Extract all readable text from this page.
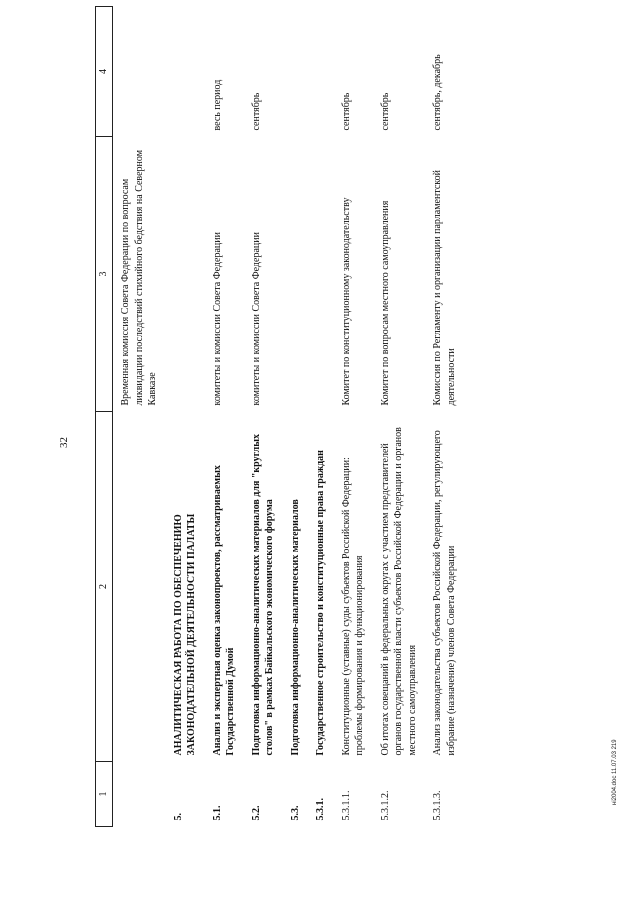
32
ні2004.doc 11.07.03 219
1	2	3	4
		Временная комиссия Совета Федерации по вопросам ликвидации последствий стихийного бедствия на Северном Кавказе	
5.	АНАЛИТИЧЕСКАЯ РАБОТА ПО ОБЕСПЕЧЕНИЮ ЗАКОНОДАТЕЛЬНОЙ ДЕЯТЕЛЬНОСТИ ПАЛАТЫ		
5.1.	Анализ и экспертная оценка законопроектов, рассматриваемых Государственной Думой	комитеты и комиссии Совета Федерации	весь период
5.2.	Подготовка информационно-аналитических материалов для "круглых столов" в рамках Байкальского экономического форума	комитеты и комиссии Совета Федерации	сентябрь
5.3.	Подготовка информационно-аналитических материалов		
5.3.1.	Государственное строительство и конституционные права граждан		
5.3.1.1.	Конституционные (уставные) суды субъектов Российской Федерации: проблемы формирования и функционирования	Комитет по конституционному законодательству	сентябрь
5.3.1.2.	Об итогах совещаний в федеральных округах с участием представителей органов государственной власти субъектов Российской Федерации и органов местного самоуправления	Комитет по вопросам местного самоуправления	сентябрь
5.3.1.3.	Анализ законодательства субъектов Российской Федерации, регулирующего избрание (назначение) членов Совета Федерации	Комиссия по Регламенту и организации парламентской деятельности	сентябрь, декабрь
